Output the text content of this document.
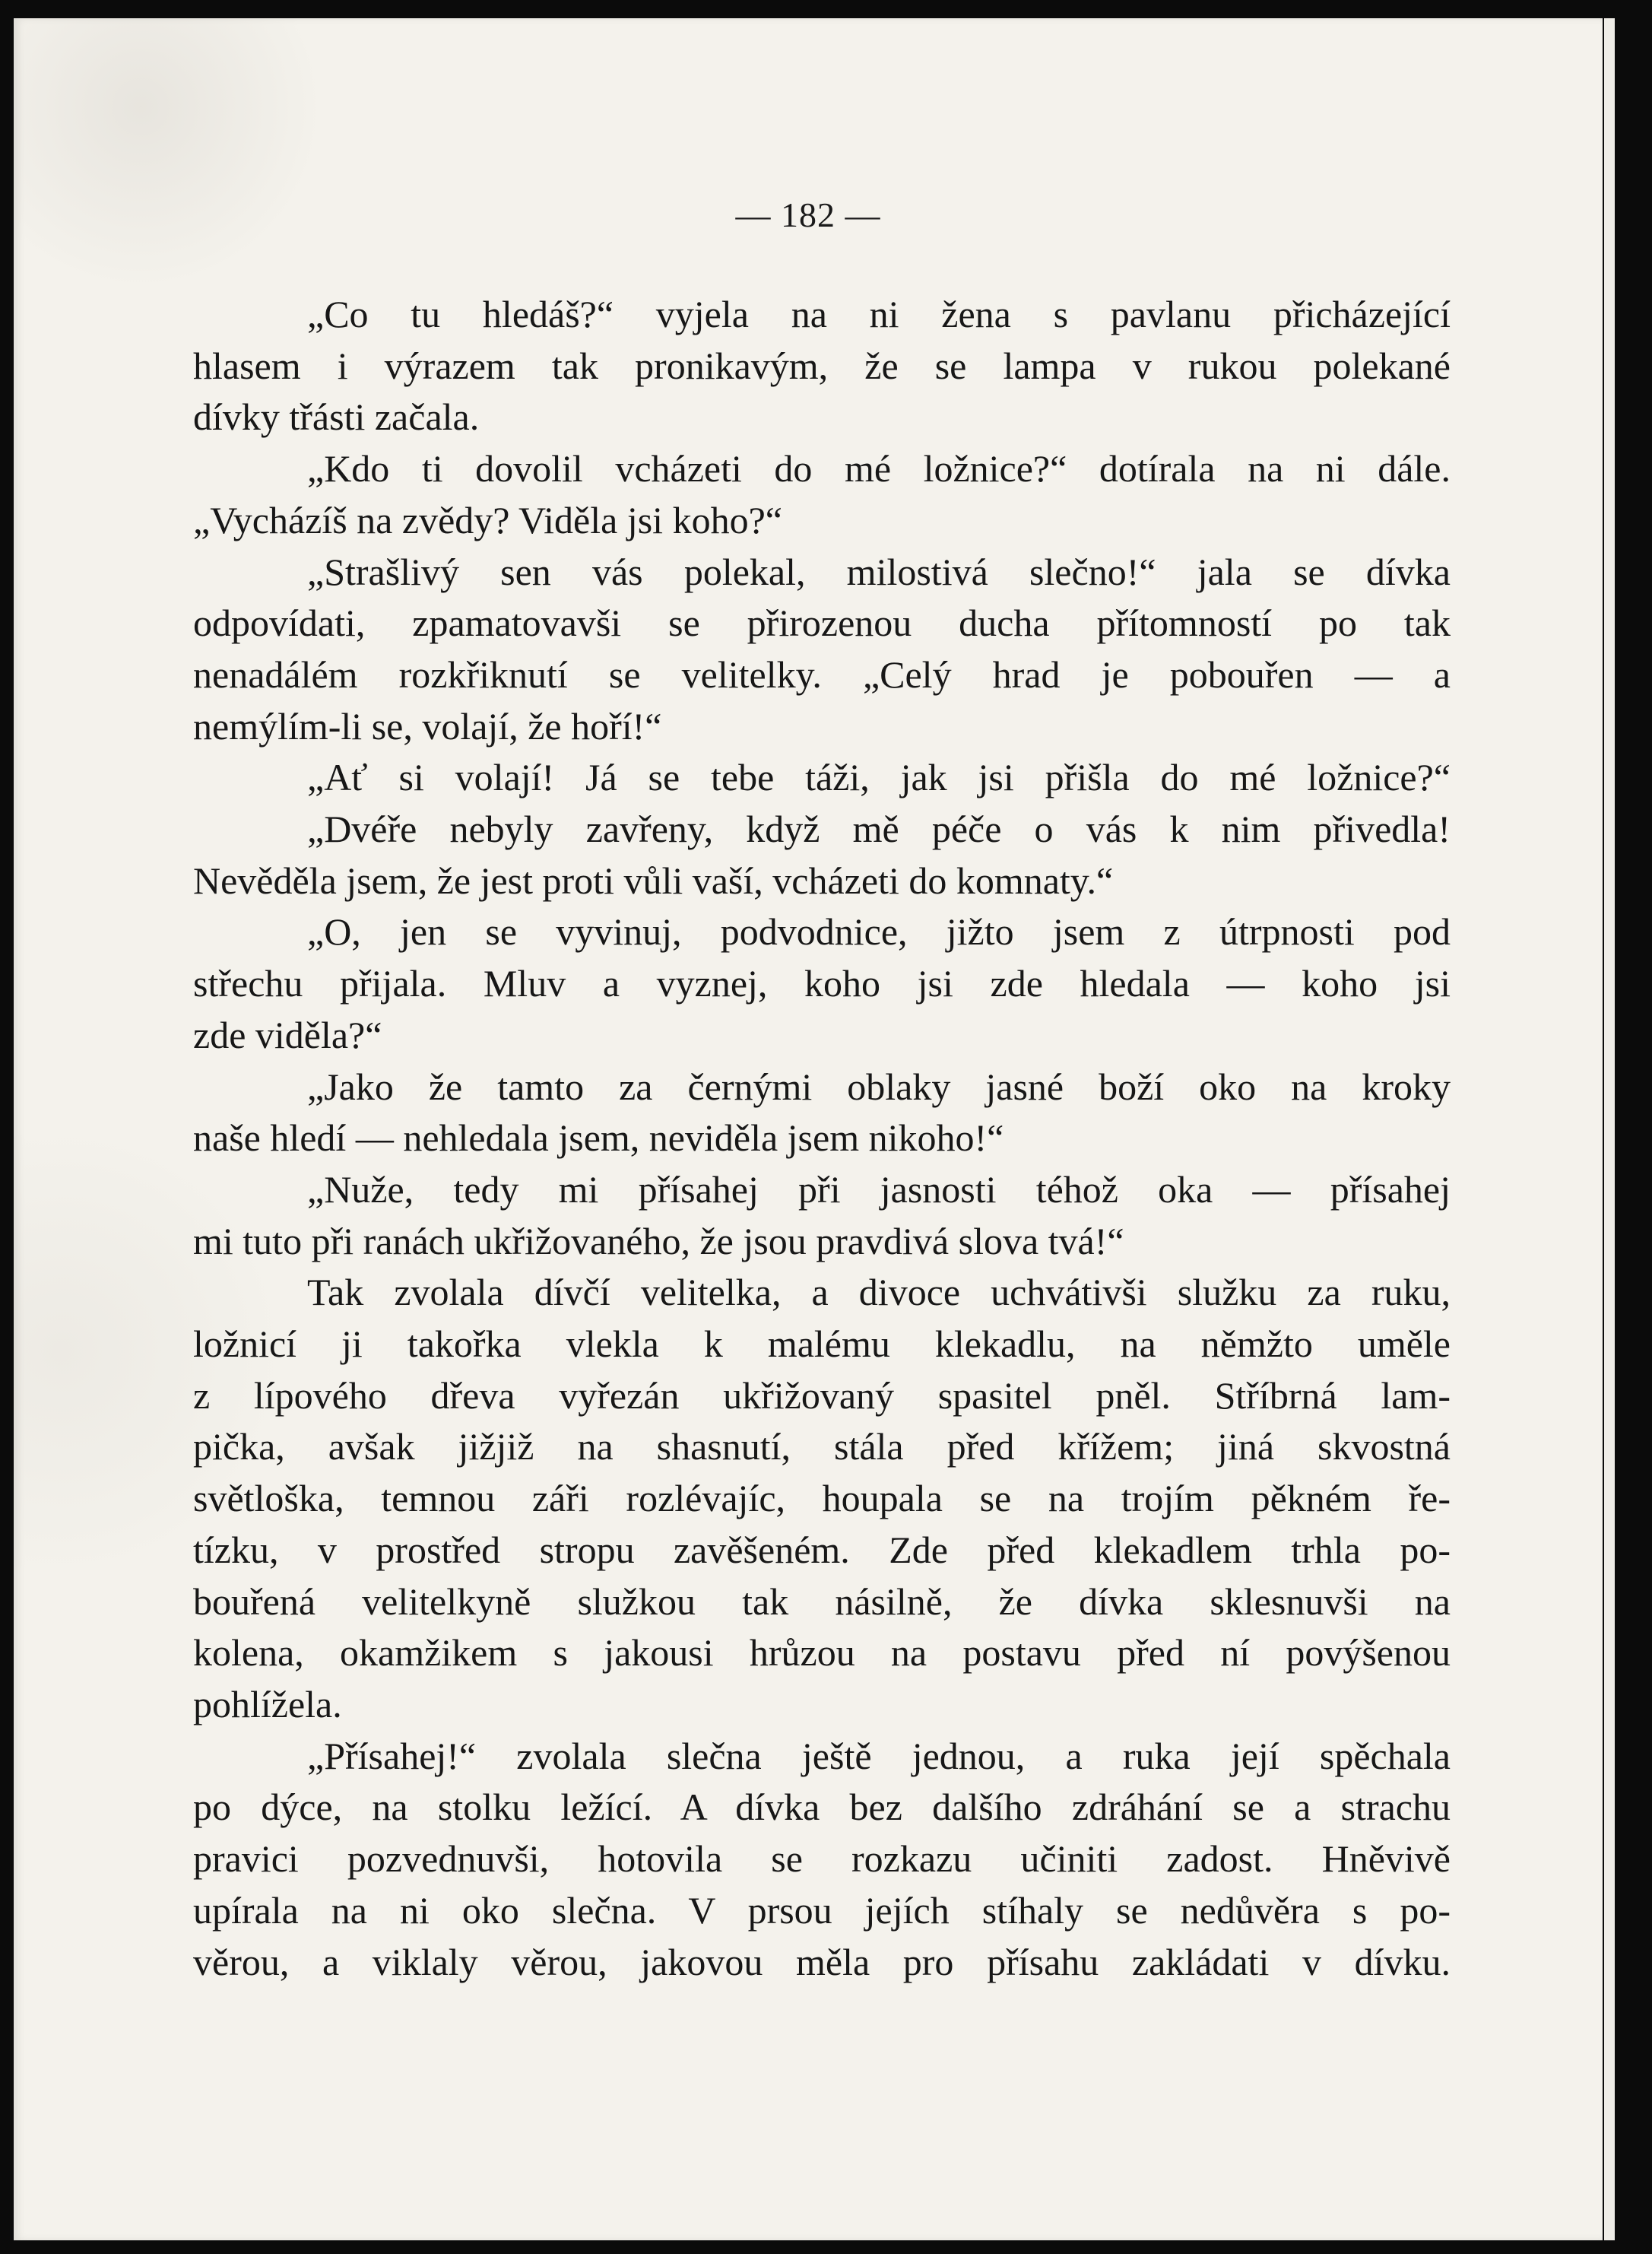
— 182 —

„Co tu hledáš?“ vyjela na ni žena s pavlanu přicházející
hlasem i výrazem tak pronikavým, že se lampa v rukou polekané
dívky třásti začala.
„Kdo ti dovolil vcházeti do mé ložnice?“ dotírala na ni dále.
„Vycházíš na zvědy? Viděla jsi koho?“
„Strašlivý sen vás polekal, milostivá slečno!“ jala se dívka
odpovídati, zpamatovavši se přirozenou ducha přítomností po tak
nenadálém rozkřiknutí se velitelky. „Celý hrad je pobouřen — a
nemýlím-li se, volají, že hoří!“
„Ať si volají! Já se tebe táži, jak jsi přišla do mé ložnice?“
„Dvéře nebyly zavřeny, když mě péče o vás k nim přivedla!
Nevěděla jsem, že jest proti vůli vaší, vcházeti do komnaty.“
„O, jen se vyvinuj, podvodnice, jižto jsem z útrpnosti pod
střechu přijala. Mluv a vyznej, koho jsi zde hledala — koho jsi
zde viděla?“
„Jako že tamto za černými oblaky jasné boží oko na kroky
naše hledí — nehledala jsem, neviděla jsem nikoho!“
„Nuže, tedy mi přísahej při jasnosti téhož oka — přísahej
mi tuto při ranách ukřižovaného, že jsou pravdivá slova tvá!“
Tak zvolala dívčí velitelka, a divoce uchvátivši služku za ruku,
ložnicí ji takořka vlekla k malému klekadlu, na němžto uměle
z lípového dřeva vyřezán ukřižovaný spasitel pněl. Stříbrná lam-
pička, avšak jižjiž na shasnutí, stála před křížem; jiná skvostná
světloška, temnou záři rozlévajíc, houpala se na trojím pěkném ře-
tízku, v prostřed stropu zavěšeném. Zde před klekadlem trhla po-
bouřená velitelkyně služkou tak násilně, že dívka sklesnuvši na
kolena, okamžikem s jakousi hrůzou na postavu před ní povýšenou
pohlížela.
„Přísahej!“ zvolala slečna ještě jednou, a ruka její spěchala
po dýce, na stolku ležící. A dívka bez dalšího zdráhání se a strachu
pravici pozvednuvši, hotovila se rozkazu učiniti zadost. Hněvivě
upírala na ni oko slečna. V prsou jejích stíhaly se nedůvěra s po-
věrou, a viklaly věrou, jakovou měla pro přísahu zakládati v dívku.
